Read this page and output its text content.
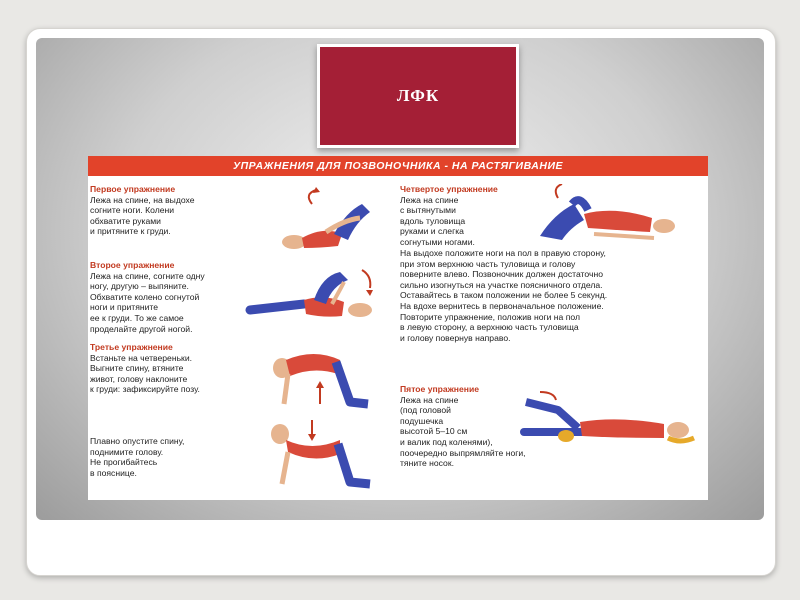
ЛФК
УПРАЖНЕНИЯ ДЛЯ ПОЗВОНОЧНИКА - НА РАСТЯГИВАНИЕ
Первое упражнение
Лежа на спине, на выдохе
согните ноги. Колени
обхватите руками
и притяните к груди.
Второе упражнение
Лежа на спине, согните одну
ногу, другую – выпяните.
Обхватите колено согнутой
ноги и притяните
ее к груди. То же самое
проделайте другой ногой.
Третье упражнение
Встаньте на четвереньки.
Выгните спину, втяните
живот, голову наклоните
к груди: зафиксируйте позу.
Плавно опустите спину,
поднимите голову.
Не прогибайтесь
в пояснице.
Четвертое упражнение
Лежа на спине
с вытянутыми
вдоль туловища
руками и слегка
согнутыми ногами.
На выдохе положите ноги на пол в правую сторону,
при этом верхнюю часть туловища и голову
поверните влево. Позвоночник должен достаточно
сильно изогнуться на участке поясничного отдела.
Оставайтесь в таком положении не более 5 секунд.
На вдохе вернитесь в первоначальное положение.
Повторите упражнение, положив ноги на пол
в левую сторону, а верхнюю часть туловища
и голову повернув направо.
Пятое упражнение
Лежа на спине
(под головой
подушечка
высотой 5–10 см
и валик под коленями),
поочередно выпрямляйте ноги,
тяните носок.
